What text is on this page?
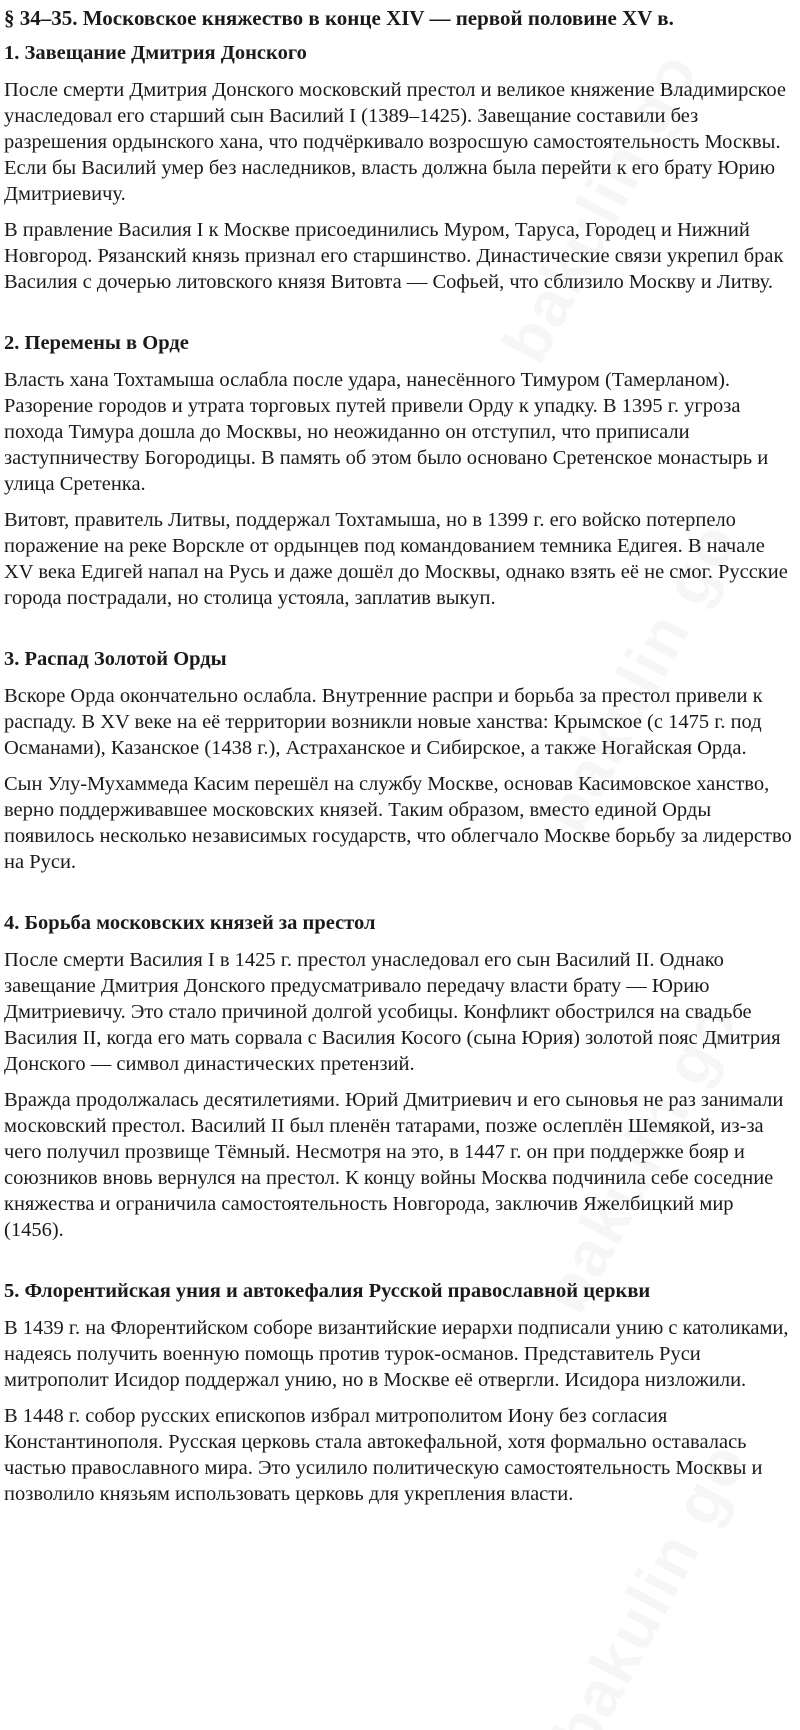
§ 34–35. Московское княжество в конце XIV — первой половине XV в.
1. Завещание Дмитрия Донского

После смерти Дмитрия Донского московский престол и великое княжение Владимирское унаследовал его старший сын Василий I (1389–1425). Завещание составили без разрешения ордынского хана, что подчёркивало возросшую самостоятельность Москвы. Если бы Василий умер без наследников, власть должна была перейти к его брату Юрию Дмитриевичу.

В правление Василия I к Москве присоединились Муром, Таруса, Городец и Нижний Новгород. Рязанский князь признал его старшинство. Династические связи укрепил брак Василия с дочерью литовского князя Витовта — Софьей, что сблизило Москву и Литву.

2. Перемены в Орде

Власть хана Тохтамыша ослабла после удара, нанесённого Тимуром (Тамерланом). Разорение городов и утрата торговых путей привели Орду к упадку. В 1395 г. угроза похода Тимура дошла до Москвы, но неожиданно он отступил, что приписали заступничеству Богородицы. В память об этом было основано Сретенское монастырь и улица Сретенка.

Витовт, правитель Литвы, поддержал Тохтамыша, но в 1399 г. его войско потерпело поражение на реке Ворскле от ордынцев под командованием темника Едигея. В начале XV века Едигей напал на Русь и даже дошёл до Москвы, однако взять её не смог. Русские города пострадали, но столица устояла, заплатив выкуп.

3. Распад Золотой Орды

Вскоре Орда окончательно ослабла. Внутренние распри и борьба за престол привели к распаду. В XV веке на её территории возникли новые ханства: Крымское (с 1475 г. под Османами), Казанское (1438 г.), Астраханское и Сибирское, а также Ногайская Орда.

Сын Улу-Мухаммеда Касим перешёл на службу Москве, основав Касимовское ханство, верно поддерживавшее московских князей. Таким образом, вместо единой Орды появилось несколько независимых государств, что облегчало Москве борьбу за лидерство на Руси.

4. Борьба московских князей за престол

После смерти Василия I в 1425 г. престол унаследовал его сын Василий II. Однако завещание Дмитрия Донского предусматривало передачу власти брату — Юрию Дмитриевичу. Это стало причиной долгой усобицы. Конфликт обострился на свадьбе Василия II, когда его мать сорвала с Василия Косого (сына Юрия) золотой пояс Дмитрия Донского — символ династических претензий.

Вражда продолжалась десятилетиями. Юрий Дмитриевич и его сыновья не раз занимали московский престол. Василий II был пленён татарами, позже ослеплён Шемякой, из-за чего получил прозвище Тёмный. Несмотря на это, в 1447 г. он при поддержке бояр и союзников вновь вернулся на престол. К концу войны Москва подчинила себе соседние княжества и ограничила самостоятельность Новгорода, заключив Яжелбицкий мир (1456).

5. Флорентийская уния и автокефалия Русской православной церкви

В 1439 г. на Флорентийском соборе византийские иерархи подписали унию с католиками, надеясь получить военную помощь против турок-османов. Представитель Руси митрополит Исидор поддержал унию, но в Москве её отвергли. Исидора низложили.

В 1448 г. собор русских епископов избрал митрополитом Иону без согласия Константинополя. Русская церковь стала автокефальной, хотя формально оставалась частью православного мира. Это усилило политическую самостоятельность Москвы и позволило князьям использовать церковь для укрепления власти.
